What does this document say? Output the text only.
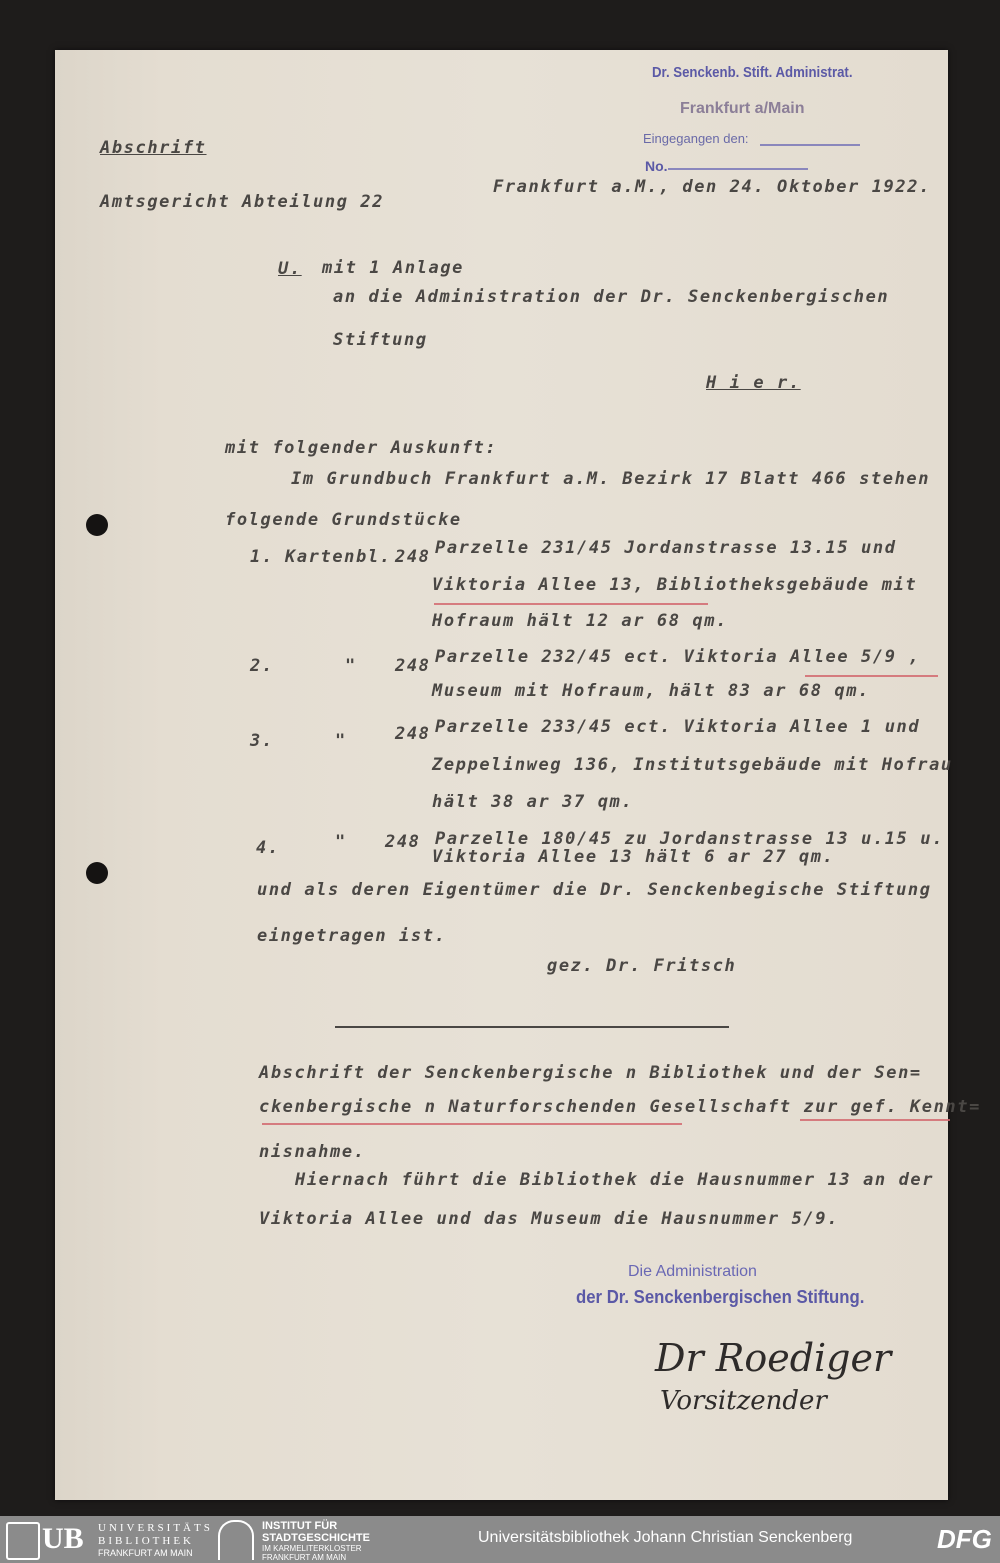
Dr. Senckenb. Stift. Administrat.
Frankfurt a/Main
Eingegangen den:
No.
Abschrift
Amtsgericht Abteilung 22
Frankfurt a.M., den 24. Oktober 1922.
U. mit 1 Anlage
an die Administration der Dr. Senckenbergischen
Stiftung
H i e r.
mit folgender Auskunft:
Im Grundbuch Frankfurt a.M. Bezirk 17 Blatt 466 stehen
folgende Grundstücke
1. Kartenbl. 248 Parzelle 231/45 Jordanstrasse 13.15 und
Viktoria Allee 13, Bibliotheksgebäude mit
Hofraum hält 12 ar 68 qm.
2.	" 248 Parzelle 232/45 ect. Viktoria Allee 5/9 ,
Museum mit Hofraum, hält 83 ar 68 qm.
3.	"	248 Parzelle 233/45 ect. Viktoria Allee 1 und
Zeppelinweg 136, Institutsgebäude mit Hofrau
hält 38 ar 37 qm.
4.	" 248 Parzelle 180/45 zu Jordanstrasse 13 u.15 u.
Viktoria Allee 13 hält 6 ar 27 qm.
und als deren Eigentümer die Dr. Senckenbegische Stiftung
eingetragen ist.
gez. Dr. Fritsch
Abschrift der Senckenbergische n Bibliothek und der Sen=
ckenbergische n Naturforschenden Gesellschaft zur gef. Kennt=
nisnahme.
Hiernach führt die Bibliothek die Hausnummer 13 an der
Viktoria Allee und das Museum die Hausnummer 5/9.
Die Administration
der Dr. Senckenbergischen Stiftung.
Dr Roediger
Vorsitzender
UB UNIVERSITÄTS
BIBLIOTHEK
FRANKFURT AM MAIN
INSTITUT FÜR
STADTGESCHICHTE
IM KARMELITERKLOSTER
FRANKFURT AM MAIN
Universitätsbibliothek Johann Christian Senckenberg	DFG
